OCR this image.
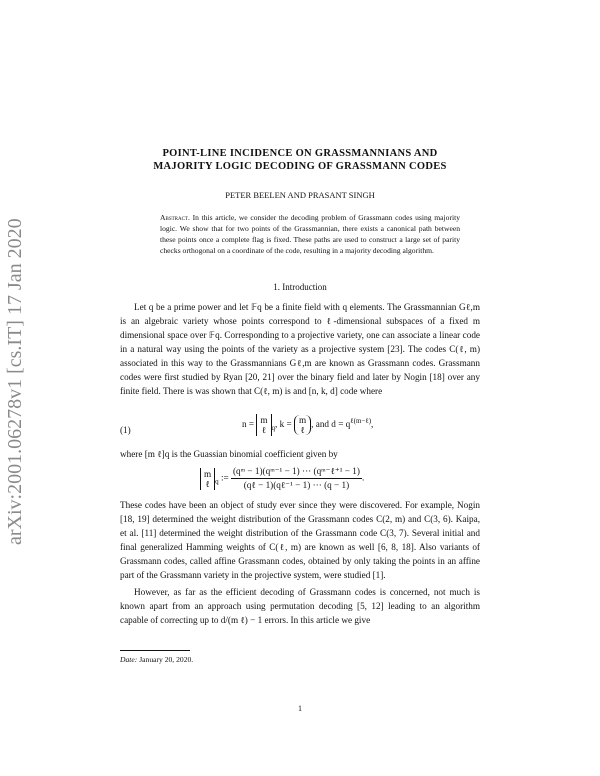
arXiv:2001.06278v1 [cs.IT] 17 Jan 2020
POINT-LINE INCIDENCE ON GRASSMANNIANS AND
MAJORITY LOGIC DECODING OF GRASSMANN CODES
PETER BEELEN AND PRASANT SINGH
Abstract. In this article, we consider the decoding problem of Grassmann codes using majority logic. We show that for two points of the Grassmannian, there exists a canonical path between these points once a complete flag is fixed. These paths are used to construct a large set of parity checks orthogonal on a coordinate of the code, resulting in a majority decoding algorithm.
1. Introduction

Let q be a prime power and let 𝔽q be a finite field with q elements. The Grassmannian Gℓ,m is an algebraic variety whose points correspond to ℓ-dimensional subspaces of a fixed m dimensional space over 𝔽q. Corresponding to a projective variety, one can associate a linear code in a natural way using the points of the variety as a projective system [23]. The codes C(ℓ, m) associated in this way to the Grassmannians Gℓ,m are known as Grassmann codes. Grassmann codes were first studied by Ryan [20, 21] over the binary field and later by Nogin [18] over any finite field. There is was shown that C(ℓ, m) is and [n, k, d] code where

(1)
n = m
ℓ $_q$, k = m
ℓ, and $d = q^{\ell(m-\ell)}$,

where [m ℓ]q is the Guassian binomial coefficient given by

m
ℓ $_q$ := $\frac{\text{(qᵐ − 1)(qᵐ⁻¹ − 1) ··· (qᵐ⁻ℓ⁺¹ − 1)}}{\text{(qℓ − 1)(qℓ⁻¹ − 1) ··· (q − 1)}}$ .

These codes have been an object of study ever since they were discovered. For example, Nogin [18, 19] determined the weight distribution of the Grassmann codes C(2, m) and C(3, 6). Kaipa, et al. [11] determined the weight distribution of the Grassmann code C(3, 7). Several initial and final generalized Hamming weights of C(ℓ, m) are known as well [6, 8, 18]. Also variants of Grassmann codes, called affine Grassmann codes, obtained by only taking the points in an affine part of the Grassmann variety in the projective system, were studied [1].

However, as far as the efficient decoding of Grassmann codes is concerned, not much is known apart from an approach using permutation decoding [5, 12] leading to an algorithm capable of correcting up to d/(m ℓ) − 1 errors. In this article we give

Date: January 20, 2020.
1
